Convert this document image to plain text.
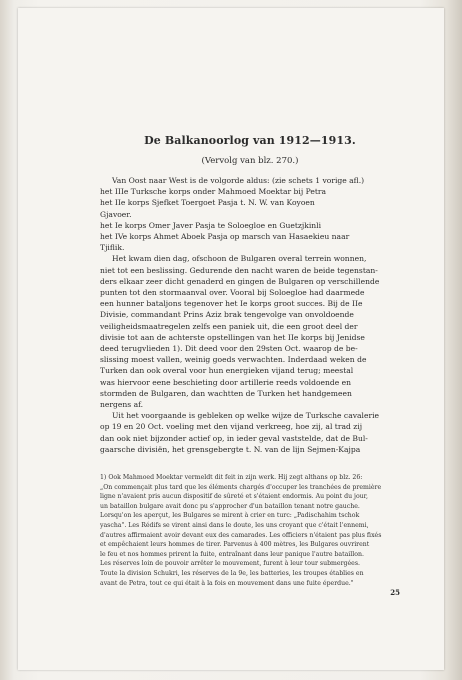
De Balkanoorlog van 1912—1913.
(Vervolg van blz. 270.)
Van Oost naar West is de volgorde aldus: (zie schets 1 vorige afl.)
het IIIe Turksche korps onder Mahmoed Moektar bij Petra
het IIe korps Sjefket Toergoet Pasja t. N. W. van Koyoen
Gjavoer.
het Ie korps Omer Javer Pasja te Soloegloe en Guetzjkinli
het IVe korps Ahmet Aboek Pasja op marsch van Hasaekieu naar
Tjiflik.
Het kwam dien dag, ofschoon de Bulgaren overal terrein wonnen,
niet tot een beslissing. Gedurende den nacht waren de beide tegenstan-
ders elkaar zeer dicht genaderd en gingen de Bulgaren op verschillende
punten tot den stormaanval over. Vooral bij Soloegloe had daarmede
een hunner bataljons tegenover het Ie korps groot succes. Bij de IIe
Divisie, commandant Prins Aziz brak tengevolge van onvoldoende
veiligheidsmaatregelen zelfs een paniek uit, die een groot deel der
divisie tot aan de achterste opstellingen van het IIe korps bij Jenidse
deed terugvlieden 1). Dit deed voor den 29sten Oct. waarop de be-
slissing moest vallen, weinig goeds verwachten. Inderdaad weken de
Turken dan ook overal voor hun energieken vijand terug; meestal
was hiervoor eene beschieting door artillerie reeds voldoende en
stormden de Bulgaren, dan wachtten de Turken het handgemeen
nergens af.
Uit het voorgaande is gebleken op welke wijze de Turksche cavalerie
op 19 en 20 Oct. voeling met den vijand verkreeg, hoe zij, al trad zij
dan ook niet bijzonder actief op, in ieder geval vaststelde, dat de Bul-
gaarsche divisiën, het grensgebergte t. N. van de lijn Sejmen-Kajpa
1) Ook Mahmoed Moektar vermeldt dit feit in zijn werk. Hij zegt althans op blz. 26:
„On commençait plus tard que les éléments chargés d'occuper les tranchées de première
ligne n'avaient pris aucun dispositif de sûreté et s'étaient endormis. Au point du jour,
un bataillon bulgare avait donc pu s'approcher d'un bataillon tenant notre gauche.
Lorsqu'on les aperçut, les Bulgares se mirent à crier en turc: „Padischahim tschok
yascha". Les Rédifs se virent ainsi dans le doute, les uns croyant que c'était l'ennemi,
d'autres affirmaient avoir devant eux des camarades. Les officiers n'étaient pas plus fixés
et empêchaient leurs hommes de tirer. Parvenus à 400 mètres, les Bulgares ouvrirent
le feu et nos hommes prirent la fuite, entraînant dans leur panique l'autre bataillon.
Les réserves loin de pouvoir arrêter le mouvement, furent à leur tour submergées.
Toute la division Schukri, les réserves de la 9e, les batteries, les troupes établies en
avant de Petra, tout ce qui était à la fois en mouvement dans une fuite éperdue."
25
